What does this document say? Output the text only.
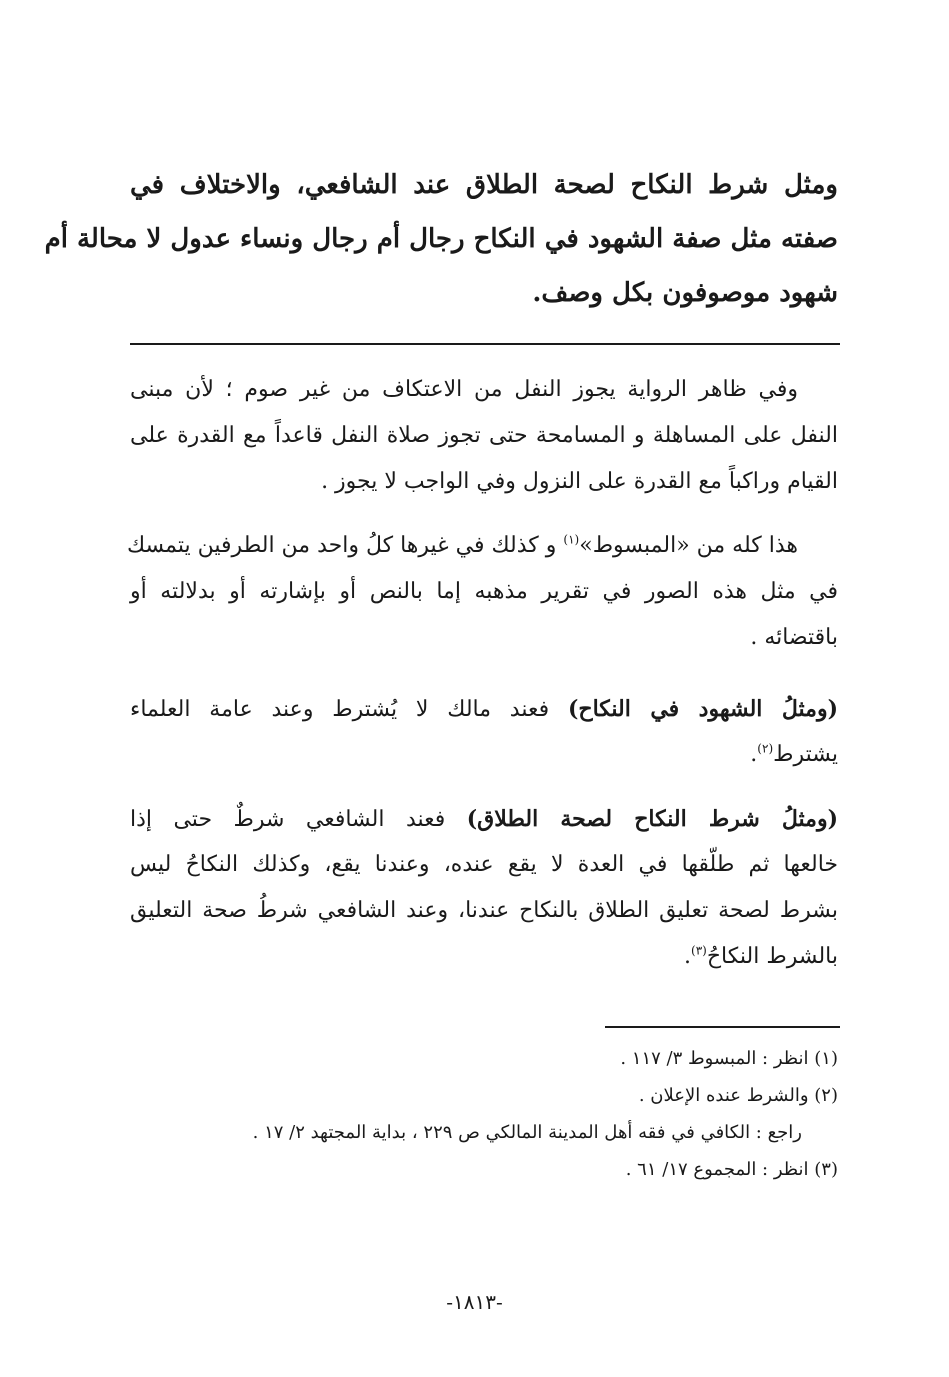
ومثل شرط النكاح لصحة الطلاق عند الشافعي، والاختلاف في
صفته مثل صفة الشهود في النكاح رجال أم رجال ونساء عدول لا محالة أم
شهود موصوفون بكل وصف.
وفي ظاهر الرواية يجوز النفل من الاعتكاف من غير صوم ؛ لأن مبنى
النفل على المساهلة و المسامحة حتى تجوز صلاة النفل قاعداً مع القدرة على
القيام وراكباً مع القدرة على النزول وفي الواجب لا يجوز .
هذا كله من «المبسوط»$^{(١)}$ و كذلك في غيرها كلُ واحد من الطرفين يتمسك
في مثل هذه الصور في تقرير مذهبه إما بالنص أو بإشارته أو بدلالته أو
باقتضائه .
(ومثلُ الشهود في النكاح) فعند مالك لا يُشترط وعند عامة العلماء
يشترط$^{(٢)}$.
(ومثلُ شرط النكاح لصحة الطلاق) فعند الشافعي شرطٌ حتى إذا
خالعها ثم طلّقها في العدة لا يقع عنده، وعندنا يقع، وكذلك النكاحُ ليس
بشرط لصحة تعليق الطلاق بالنكاح عندنا، وعند الشافعي شرطُ صحة التعليق
بالشرط النكاحُ$^{(٣)}$.
(١) انظر : المبسوط ٣/ ١١٧ .
(٢) والشرط عنده الإعلان .
راجع : الكافي في فقه أهل المدينة المالكي ص ٢٢٩ ، بداية المجتهد ٢/ ١٧ .
(٣) انظر : المجموع ١٧/ ٦١ .
-١٨١٣-
